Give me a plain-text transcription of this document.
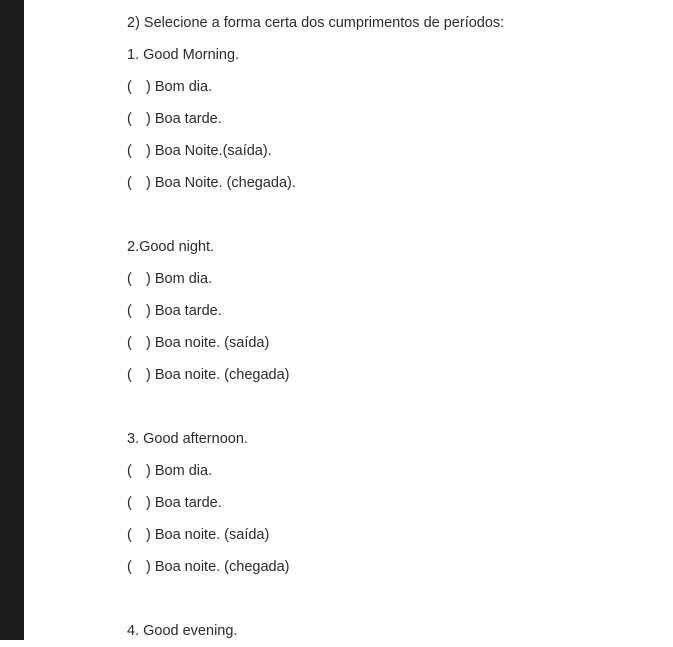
2) Selecione a forma certa dos cumprimentos de períodos:
1. Good Morning.
( ) Bom dia.
( ) Boa tarde.
( ) Boa Noite.(saída).
( ) Boa Noite. (chegada).
2.Good night.
( ) Bom dia.
( ) Boa tarde.
( ) Boa noite. (saída)
( ) Boa noite. (chegada)
3. Good afternoon.
( ) Bom dia.
( ) Boa tarde.
( ) Boa noite. (saída)
( ) Boa noite. (chegada)
4. Good evening.
